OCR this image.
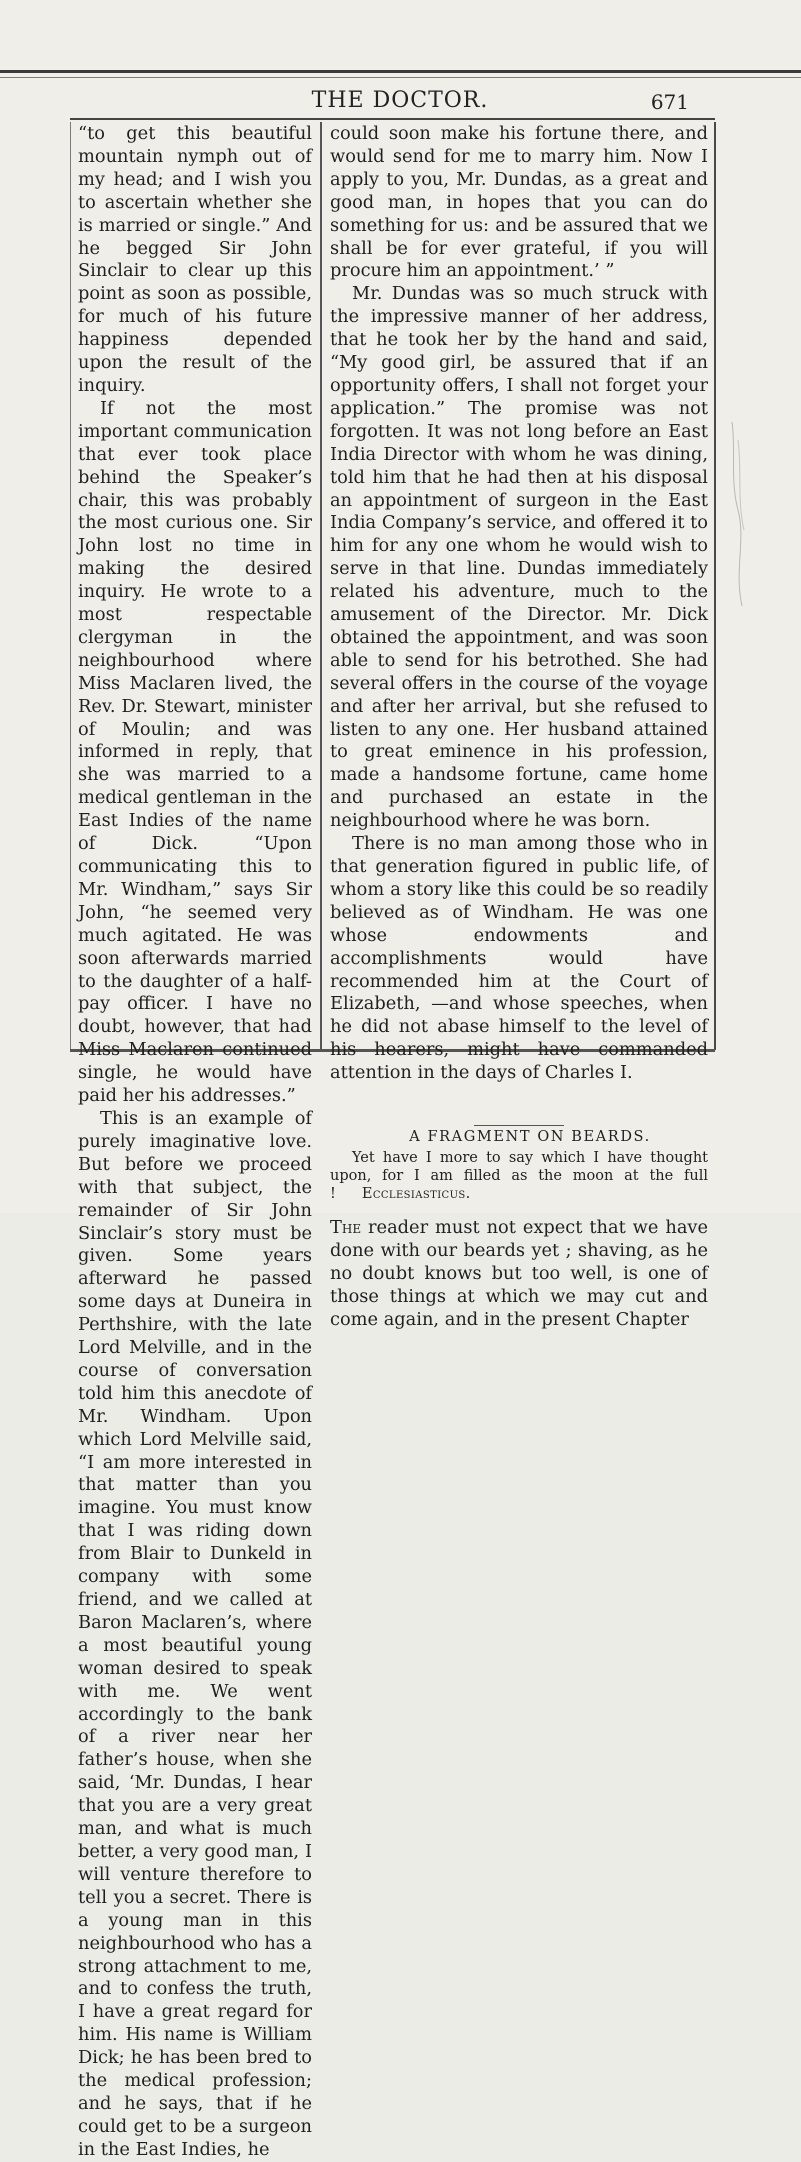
THE DOCTOR.	671

“to get this beautiful mountain nymph out of my head; and I wish you to ascertain whether she is married or single.” And he begged Sir John Sinclair to clear up this point as soon as possible, for much of his future happiness depended upon the result of the inquiry.

If not the most important communication that ever took place behind the Speaker’s chair, this was probably the most curious one. Sir John lost no time in making the desired inquiry. He wrote to a most respectable clergyman in the neighbourhood where Miss Maclaren lived, the Rev. Dr. Stewart, minister of Moulin; and was informed in reply, that she was married to a medical gentleman in the East Indies of the name of Dick. “Upon communicating this to Mr. Windham,” says Sir John, “he seemed very much agitated. He was soon afterwards married to the daughter of a half-pay officer. I have no doubt, however, that had Miss Maclaren continued single, he would have paid her his addresses.”

This is an example of purely imaginative love. But before we proceed with that subject, the remainder of Sir John Sinclair’s story must be given. Some years afterward he passed some days at Duneira in Perthshire, with the late Lord Melville, and in the course of conversation told him this anecdote of Mr. Windham. Upon which Lord Melville said, “I am more interested in that matter than you imagine. You must know that I was riding down from Blair to Dunkeld in company with some friend, and we called at Baron Maclaren’s, where a most beautiful young woman desired to speak with me. We went accordingly to the bank of a river near her father’s house, when she said, ‘Mr. Dundas, I hear that you are a very great man, and what is much better, a very good man, I will venture therefore to tell you a secret. There is a young man in this neighbourhood who has a strong attachment to me, and to confess the truth, I have a great regard for him. His name is William Dick; he has been bred to the medical profession; and he says, that if he could get to be a surgeon in the East Indies, he

could soon make his fortune there, and would send for me to marry him. Now I apply to you, Mr. Dundas, as a great and good man, in hopes that you can do something for us: and be assured that we shall be for ever grateful, if you will procure him an appointment.’ ”

Mr. Dundas was so much struck with the impressive manner of her address, that he took her by the hand and said, “My good girl, be assured that if an opportunity offers, I shall not forget your application.” The promise was not forgotten. It was not long before an East India Director with whom he was dining, told him that he had then at his disposal an appointment of surgeon in the East India Company’s service, and offered it to him for any one whom he would wish to serve in that line. Dundas immediately related his adventure, much to the amusement of the Director. Mr. Dick obtained the appointment, and was soon able to send for his betrothed. She had several offers in the course of the voyage and after her arrival, but she refused to listen to any one. Her husband attained to great eminence in his profession, made a handsome fortune, came home and purchased an estate in the neighbourhood where he was born.

There is no man among those who in that generation figured in public life, of whom a story like this could be so readily believed as of Windham. He was one whose endowments and accomplishments would have recommended him at the Court of Elizabeth, —and whose speeches, when he did not abase himself to the level of his hearers, might have commanded attention in the days of Charles I.

A FRAGMENT ON BEARDS.

Yet have I more to say which I have thought upon, for I am filled as the moon at the full ! Ecclesiasticus.

The reader must not expect that we have done with our beards yet ; shaving, as he no doubt knows but too well, is one of those things at which we may cut and come again, and in the present Chapter
